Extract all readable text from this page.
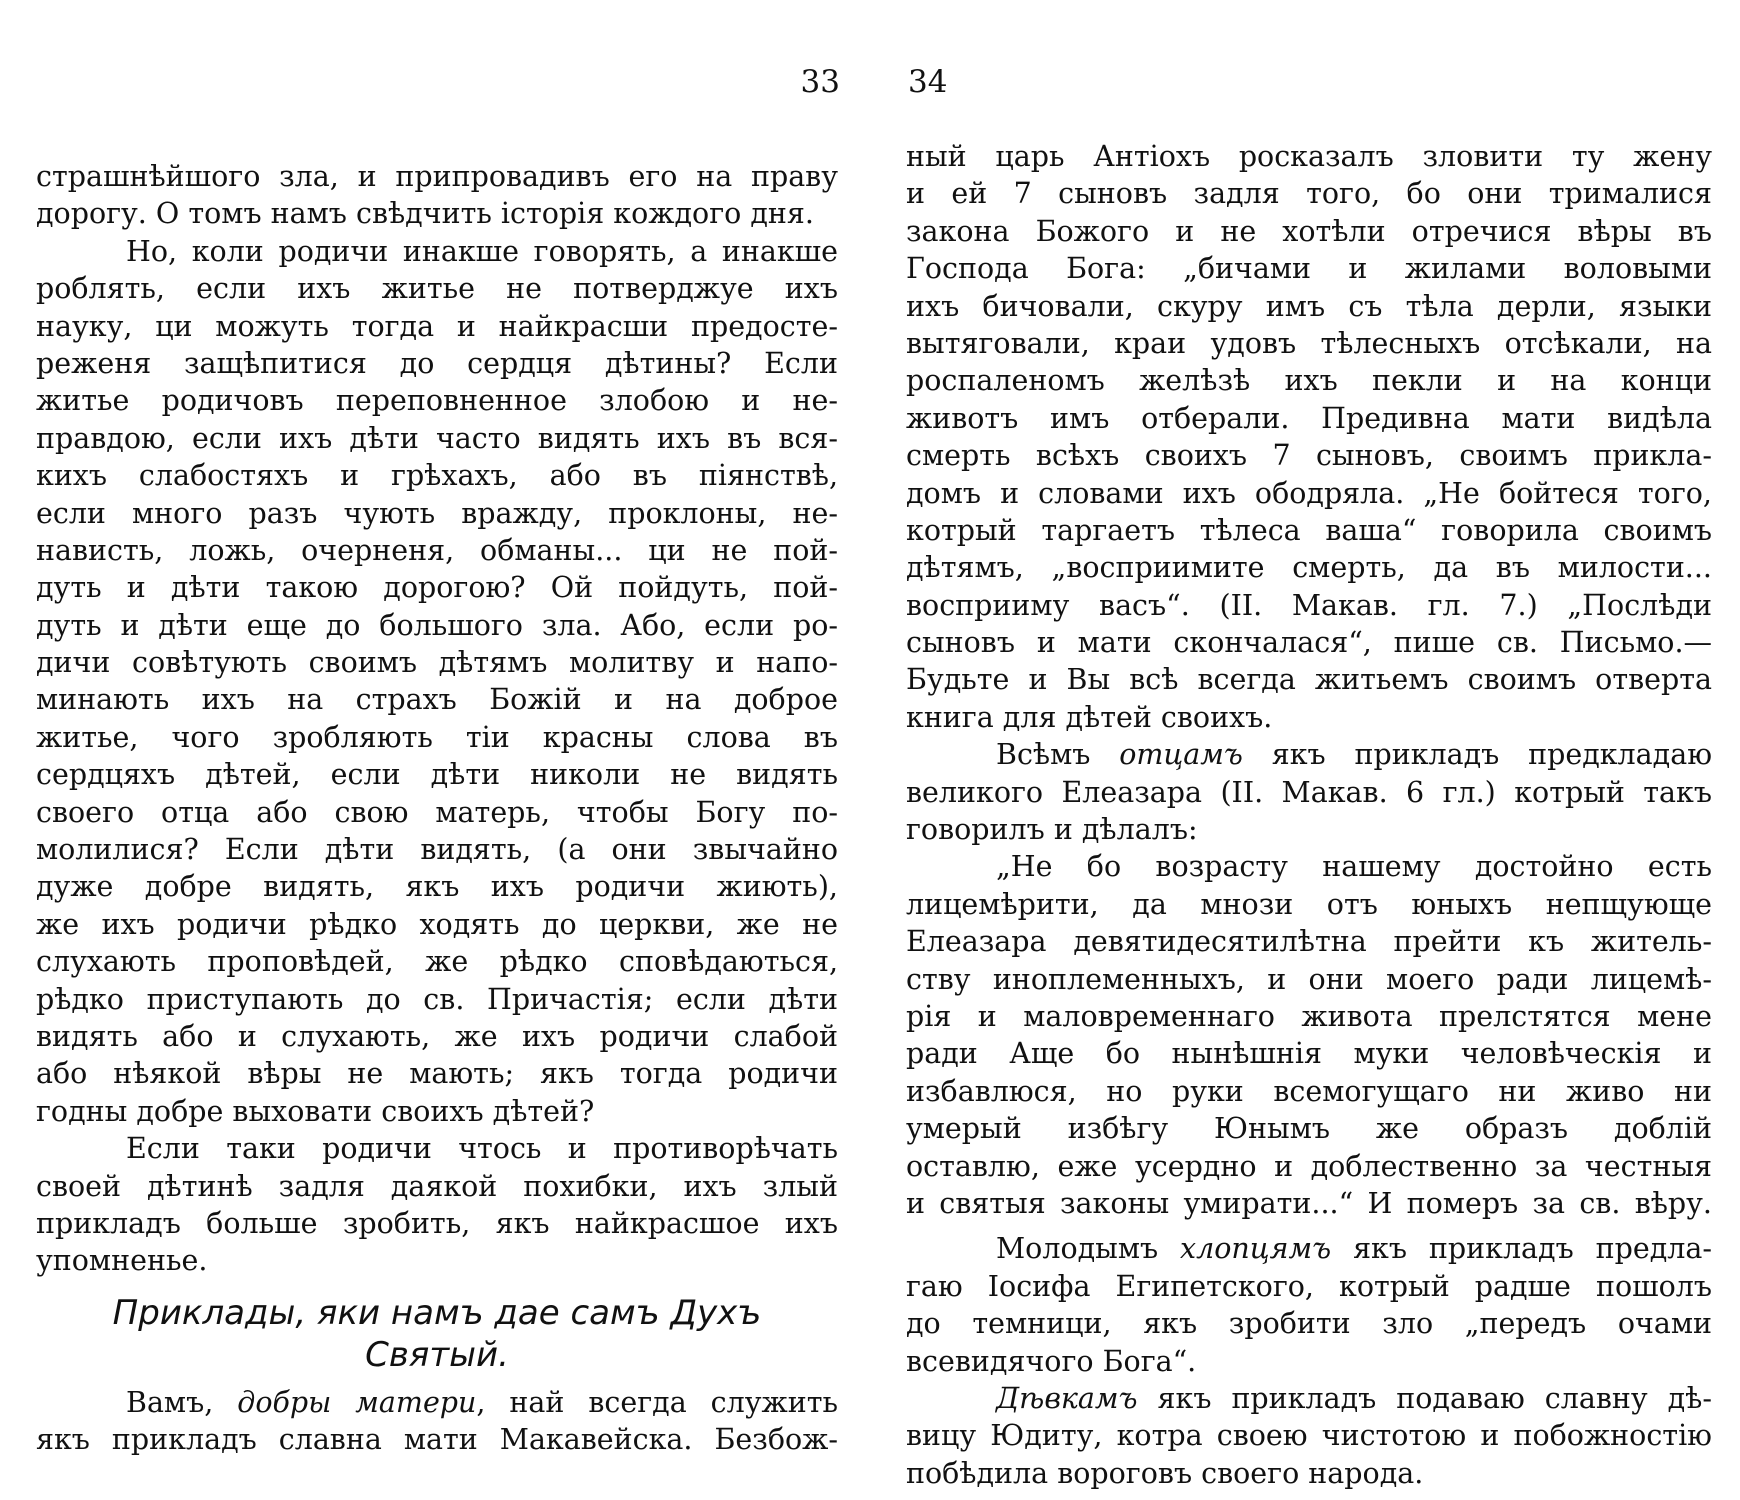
33
страшнѣйшого зла, и припровадивъ его на праву
дорогу. О томъ намъ свѣдчить історія кождого дня.
Но, коли родичи инакше говорять, а инакше
роблять, если ихъ житье не потверджуе ихъ
науку, ци можуть тогда и найкрасши предосте-
реженя защѣпитися до сердця дѣтины? Если
житье родичовъ переповненное злобою и не-
правдою, если ихъ дѣти часто видять ихъ въ вся-
кихъ слабостяхъ и грѣхахъ, або въ піянствѣ,
если много разъ чують вражду, проклоны, не-
нависть, ложь, очерненя, обманы... ци не пой-
дуть и дѣти такою дорогою? Ой пойдуть, пой-
дуть и дѣти еще до большого зла. Або, если ро-
дичи совѣтують своимъ дѣтямъ молитву и напо-
минають ихъ на страхъ Божій и на доброе
житье, чого зробляють тіи красны слова въ
сердцяхъ дѣтей, если дѣти николи не видять
своего отца або свою матерь, чтобы Богу по-
молилися? Если дѣти видять, (а они звычайно
дуже добре видять, якъ ихъ родичи жиють),
же ихъ родичи рѣдко ходять до церкви, же не
слухають проповѣдей, же рѣдко сповѣдаються,
рѣдко приступають до св. Причастія; если дѣти
видять або и слухають, же ихъ родичи слабой
або нѣякой вѣры не мають; якъ тогда родичи
годны добре выховати своихъ дѣтей?
Если таки родичи чтось и противорѣчать
своей дѣтинѣ задля даякой похибки, ихъ злый
прикладъ больше зробить, якъ найкрасшое ихъ
упомненье.
Приклады, яки намъ дае самъ Духъ
Святый.
Вамъ, добры матери, най всегда служить
якъ прикладъ славна мати Макавейска. Безбож-
34
ный царь Антіохъ росказалъ зловити ту жену
и ей 7 сыновъ задля того, бо они трималися
закона Божого и не хотѣли отречися вѣры въ
Господа Бога: „бичами и жилами воловыми
ихъ бичовали, скуру имъ съ тѣла дерли, языки
вытяговали, краи удовъ тѣлесныхъ отсѣкали, на
роспаленомъ желѣзѣ ихъ пекли и на конци
животъ имъ отберали. Предивна мати видѣла
смерть всѣхъ своихъ 7 сыновъ, своимъ прикла-
домъ и словами ихъ ободряла. „Не бойтеся того,
котрый таргаетъ тѣлеса ваша“ говорила своимъ
дѣтямъ, „восприимите смерть, да въ милости...
восприиму васъ“. (II. Макав. гл. 7.) „Послѣди
сыновъ и мати скончалася“, пише св. Письмо.—
Будьте и Вы всѣ всегда житьемъ своимъ отверта
книга для дѣтей своихъ.
Всѣмъ отцамъ якъ прикладъ предкладаю
великого Елеазара (II. Макав. 6 гл.) котрый такъ
говорилъ и дѣлалъ:
„Не бо возрасту нашему достойно есть
лицемѣрити, да мнози отъ юныхъ непщующе
Елеазара девятидесятилѣтна прейти къ житель-
ству иноплеменныхъ, и они моего ради лицемѣ-
рія и маловременнаго живота прелстятся мене
ради Аще бо нынѣшнія муки человѣческія и
избавлюся, но руки всемогущаго ни живо ни
умерый избѣгу Юнымъ же образъ доблій
оставлю, еже усердно и доблественно за честныя
и святыя законы умирати...“ И померъ за св. вѣру.
Молодымъ хлопцямъ якъ прикладъ предла-
гаю Іосифа Египетского, котрый радше пошолъ
до темници, якъ зробити зло „передъ очами
всевидячого Бога“.
Дѣвкамъ якъ прикладъ подаваю славну дѣ-
вицу Юдиту, котра своею чистотою и побожностію
побѣдила вороговъ своего народа.
